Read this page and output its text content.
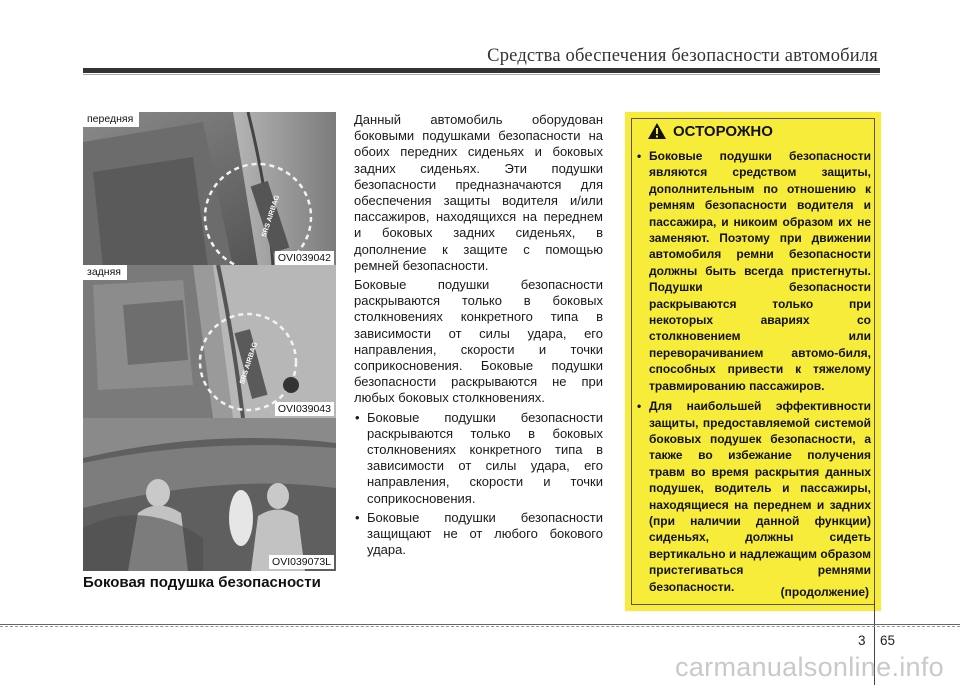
Средства обеспечения безопасности автомобиля
SRS AIRBAG
передняя
OVI039042
SRS AIRBAG
задняя
OVI039043
OVI039073L
Боковая подушка безопасности

Данный автомобиль оборудован боковыми подушками безопасности на обоих передних сиденьях и боковых задних сиденьях. Эти подушки безопасности предназначаются для обеспечения защиты водителя и/или пассажиров, находящихся на переднем и боковых задних сиденьях, в дополнение к защите с помощью ремней безопасности.

Боковые подушки безопасности раскрываются только в боковых столкновениях конкретного типа в зависимости от силы удара, его направления, скорости и точки соприкосновения. Боковые подушки безопасности раскрываются не при любых боковых столкновениях.

• Боковые подушки безопасности раскрываются только в боковых столкновениях конкретного типа в зависимости от силы удара, его направления, скорости и точки соприкосновения.
• Боковые подушки безопасности защищают не от любого бокового удара.
ОСТОРОЖНО
• Боковые подушки безопасности являются средством защиты, дополнительным по отношению к ремням безопасности водителя и пассажира, и никоим образом их не заменяют. Поэтому при движении автомобиля ремни безопасности должны быть всегда пристегнуты. Подушки безопасности раскрываются только при некоторых авариях со столкновением или переворачиванием автомо-биля, способных привести к тяжелому травмированию пассажиров.
• Для наибольшей эффективности защиты, предоставляемой системой боковых подушек безопасности, а также во избежание получения травм во время раскрытия данных подушек, водитель и пассажиры, находящиеся на переднем и задних (при наличии данной функции) сиденьях, должны сидеть вертикально и надлежащим образом пристегиваться ремнями безопасности.	(продолжение)
3 65
carmanualsonline.info
